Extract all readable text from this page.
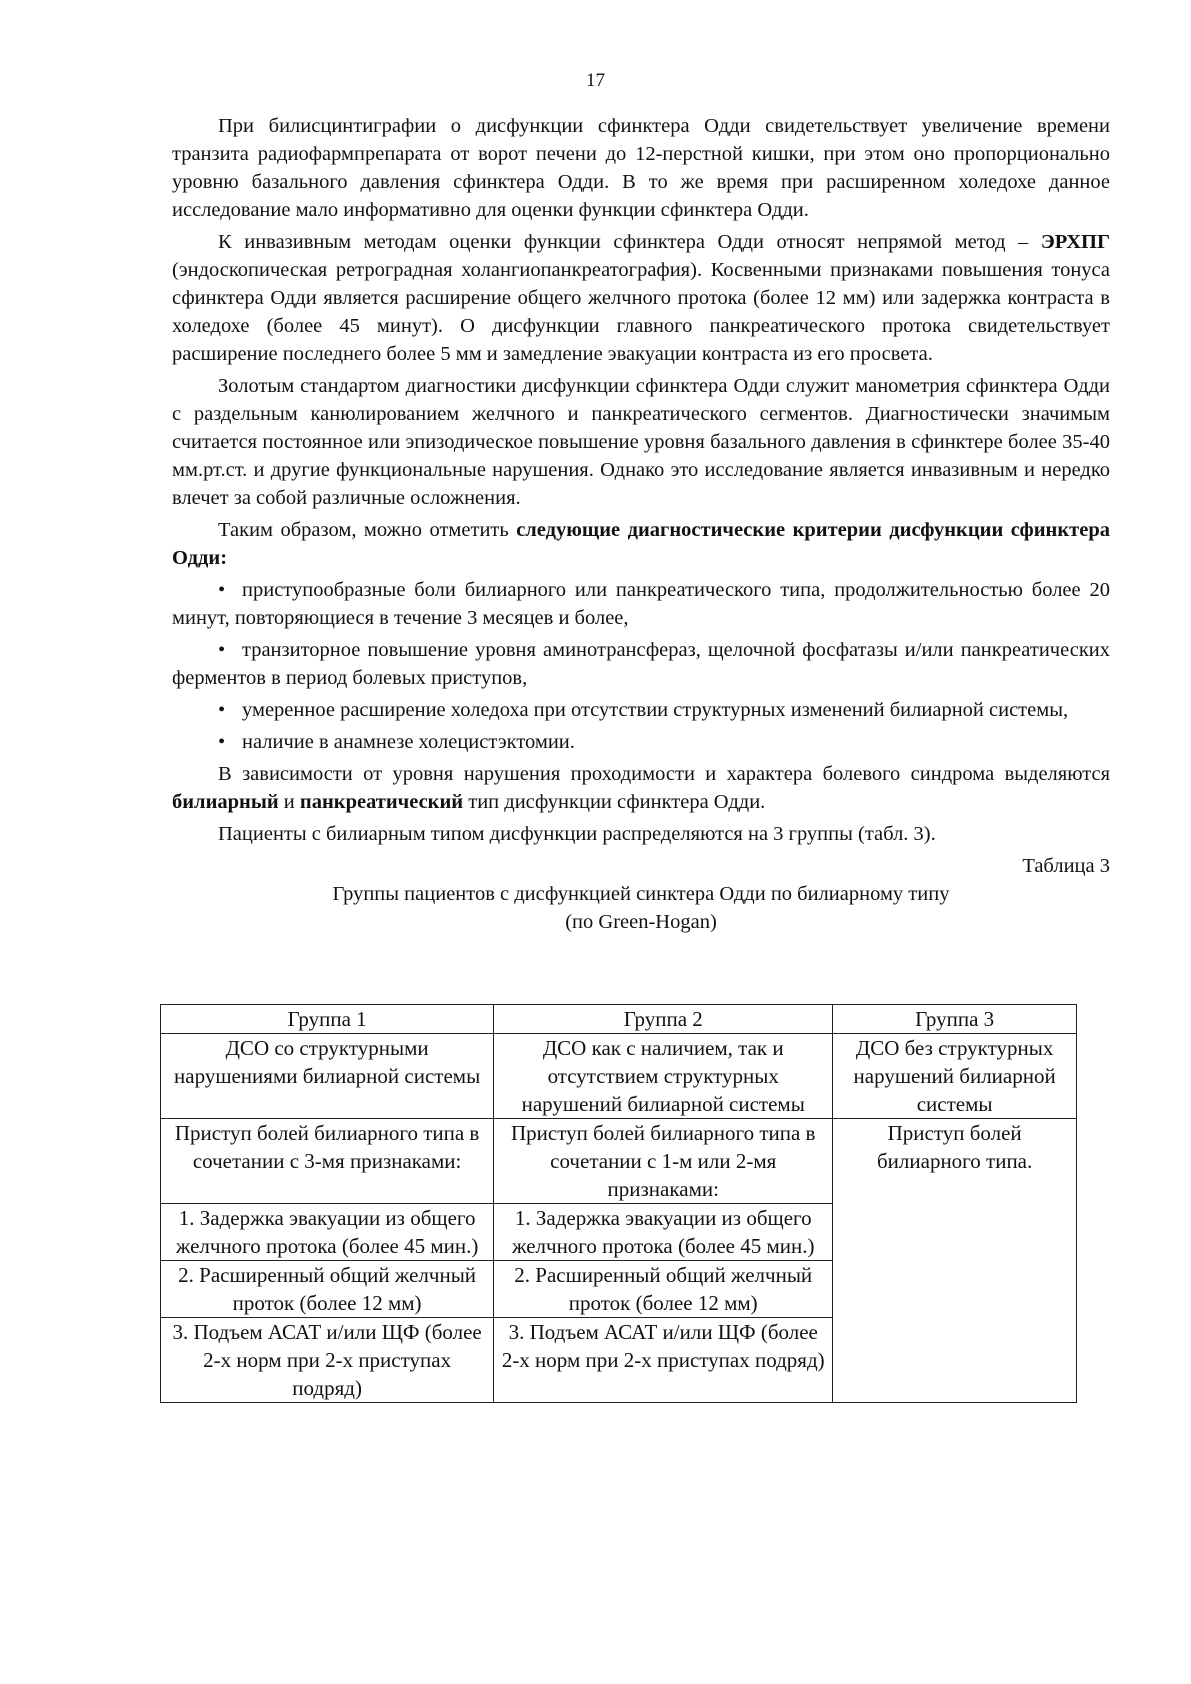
17

При билисцинтиграфии о дисфункции сфинктера Одди свидетельствует увеличение времени транзита радиофармпрепарата от ворот печени до 12-перстной кишки, при этом оно пропорционально уровню базального давления сфинктера Одди. В то же время при расширенном холедохе данное исследование мало информативно для оценки функции сфинктера Одди.

К инвазивным методам оценки функции сфинктера Одди относят непрямой метод – ЭРХПГ (эндоскопическая ретроградная холангиопанкреатография). Косвенными признаками повышения тонуса сфинктера Одди является расширение общего желчного протока (более 12 мм) или задержка контраста в холедохе (более 45 минут). О дисфункции главного панкреатического протока свидетельствует расширение последнего более 5 мм и замедление эвакуации контраста из его просвета.

Золотым стандартом диагностики дисфункции сфинктера Одди служит манометрия сфинктера Одди с раздельным канюлированием желчного и панкреатического сегментов. Диагностически значимым считается постоянное или эпизодическое повышение уровня базального давления в сфинктере более 35-40 мм.рт.ст. и другие функциональные нарушения. Однако это исследование является инвазивным и нередко влечет за собой различные осложнения.

Таким образом, можно отметить следующие диагностические критерии дисфункции сфинктера Одди:

• приступообразные боли билиарного или панкреатического типа, продолжительностью более 20 минут, повторяющиеся в течение 3 месяцев и более,

• транзиторное повышение уровня аминотрансфераз, щелочной фосфатазы и/или панкреатических ферментов в период болевых приступов,

• умеренное расширение холедоха при отсутствии структурных изменений билиарной системы,

• наличие в анамнезе холецистэктомии.

В зависимости от уровня нарушения проходимости и характера болевого синдрома выделяются билиарный и панкреатический тип дисфункции сфинктера Одди.

Пациенты с билиарным типом дисфункции распределяются на 3 группы (табл. 3).

Таблица 3
Группы пациентов с дисфункцией синктера Одди по билиарному типу
(по Green-Hogan)
Группа 1	Группа 2	Группа 3
ДСО со структурными нарушениями билиарной системы	ДСО как с наличием, так и отсутствием структурных нарушений билиарной системы	ДСО без структурных нарушений билиарной системы
Приступ болей билиарного типа в сочетании с 3-мя признаками:	Приступ болей билиарного типа в сочетании с 1-м или 2-мя признаками:	Приступ болей билиарного типа.
1. Задержка эвакуации из общего желчного протока (более 45 мин.)	1. Задержка эвакуации из общего желчного протока (более 45 мин.)	
2. Расширенный общий желчный проток (более 12 мм)	2. Расширенный общий желчный проток (более 12 мм)	
3. Подъем АСАТ и/или ЩФ (более 2-х норм при 2-х приступах подряд)	3. Подъем АСАТ и/или ЩФ (более 2-х норм при 2-х приступах подряд)	
